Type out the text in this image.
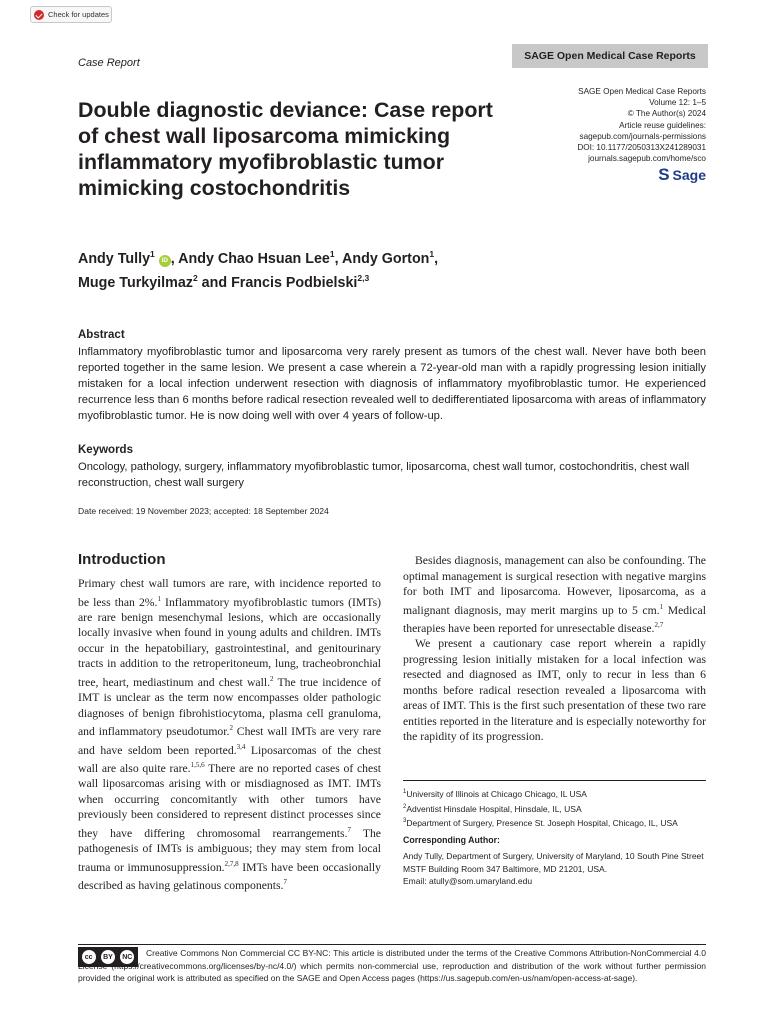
Check for updates
Case Report
SAGE Open Medical Case Reports
SAGE Open Medical Case Reports
Volume 12: 1–5
© The Author(s) 2024
Article reuse guidelines:
sagepub.com/journals-permissions
DOI: 10.1177/2050313X241289031
journals.sagepub.com/home/sco
S Sage
Double diagnostic deviance: Case report of chest wall liposarcoma mimicking inflammatory myofibroblastic tumor mimicking costochondritis
Andy Tully$^1$ iD , Andy Chao Hsuan Lee$^1$, Andy Gorton$^1$,
Muge Turkyilmaz$^2$ and Francis Podbielski$^{2,3}$
Abstract
Inflammatory myofibroblastic tumor and liposarcoma very rarely present as tumors of the chest wall. Never have both been reported together in the same lesion. We present a case wherein a 72-year-old man with a rapidly progressing lesion initially mistaken for a local infection underwent resection with diagnosis of inflammatory myofibroblastic tumor. He experienced recurrence less than 6 months before radical resection revealed well to dedifferentiated liposarcoma with areas of inflammatory myofibroblastic tumor. He is now doing well with over 4 years of follow-up.
Keywords
Oncology, pathology, surgery, inflammatory myofibroblastic tumor, liposarcoma, chest wall tumor, costochondritis, chest wall reconstruction, chest wall surgery
Date received: 19 November 2023; accepted: 18 September 2024
Introduction

Primary chest wall tumors are rare, with incidence reported to be less than 2%.$^1$ Inflammatory myofibroblastic tumors (IMTs) are rare benign mesenchymal lesions, which are occasionally locally invasive when found in young adults and children. IMTs occur in the hepatobiliary, gastrointestinal, and genitourinary tracts in addition to the retroperitoneum, lung, tracheobronchial tree, heart, mediastinum and chest wall.$^2$ The true incidence of IMT is unclear as the term now encompasses older pathologic diagnoses of benign fibrohistiocytoma, plasma cell granuloma, and inflammatory pseudotumor.$^2$ Chest wall IMTs are very rare and have seldom been reported.$^{3,4}$ Liposarcomas of the chest wall are also quite rare.$^{1,5,6}$ There are no reported cases of chest wall liposarcomas arising with or misdiagnosed as IMT. IMTs when occurring concomitantly with other tumors have previously been considered to represent distinct processes since they have differing chromosomal rearrangements.$^7$ The pathogenesis of IMTs is ambiguous; they may stem from local trauma or immunosuppression.$^{2,7,8}$ IMTs have been occasionally described as having gelatinous components.$^7$

Besides diagnosis, management can also be confounding. The optimal management is surgical resection with negative margins for both IMT and liposarcoma. However, liposarcoma, as a malignant diagnosis, may merit margins up to 5 cm.$^1$ Medical therapies have been reported for unresectable disease.$^{2,7}$

We present a cautionary case report wherein a rapidly progressing lesion initially mistaken for a local infection was resected and diagnosed as IMT, only to recur in less than 6 months before radical resection revealed a liposarcoma with areas of IMT. This is the first such presentation of these two rare entities reported in the literature and is especially noteworthy for the rapidity of its progression.

$^1$University of Illinois at Chicago Chicago, IL USA
$^2$Adventist Hinsdale Hospital, Hinsdale, IL, USA
$^3$Department of Surgery, Presence St. Joseph Hospital, Chicago, IL, USA
Corresponding Author:
Andy Tully, Department of Surgery, University of Maryland, 10 South Pine Street MSTF Building Room 347 Baltimore, MD 21201, USA.
Email: atully@som.umaryland.edu
cc	BY	NC	Creative Commons Non Commercial CC BY-NC: This article is distributed under the terms of the Creative Commons Attribution-NonCommercial 4.0 License (https://creativecommons.org/licenses/by-nc/4.0/) which permits non-commercial use, reproduction and distribution of the work without further permission provided the original work is attributed as specified on the SAGE and Open Access pages (https://us.sagepub.com/en-us/nam/open-access-at-sage).
